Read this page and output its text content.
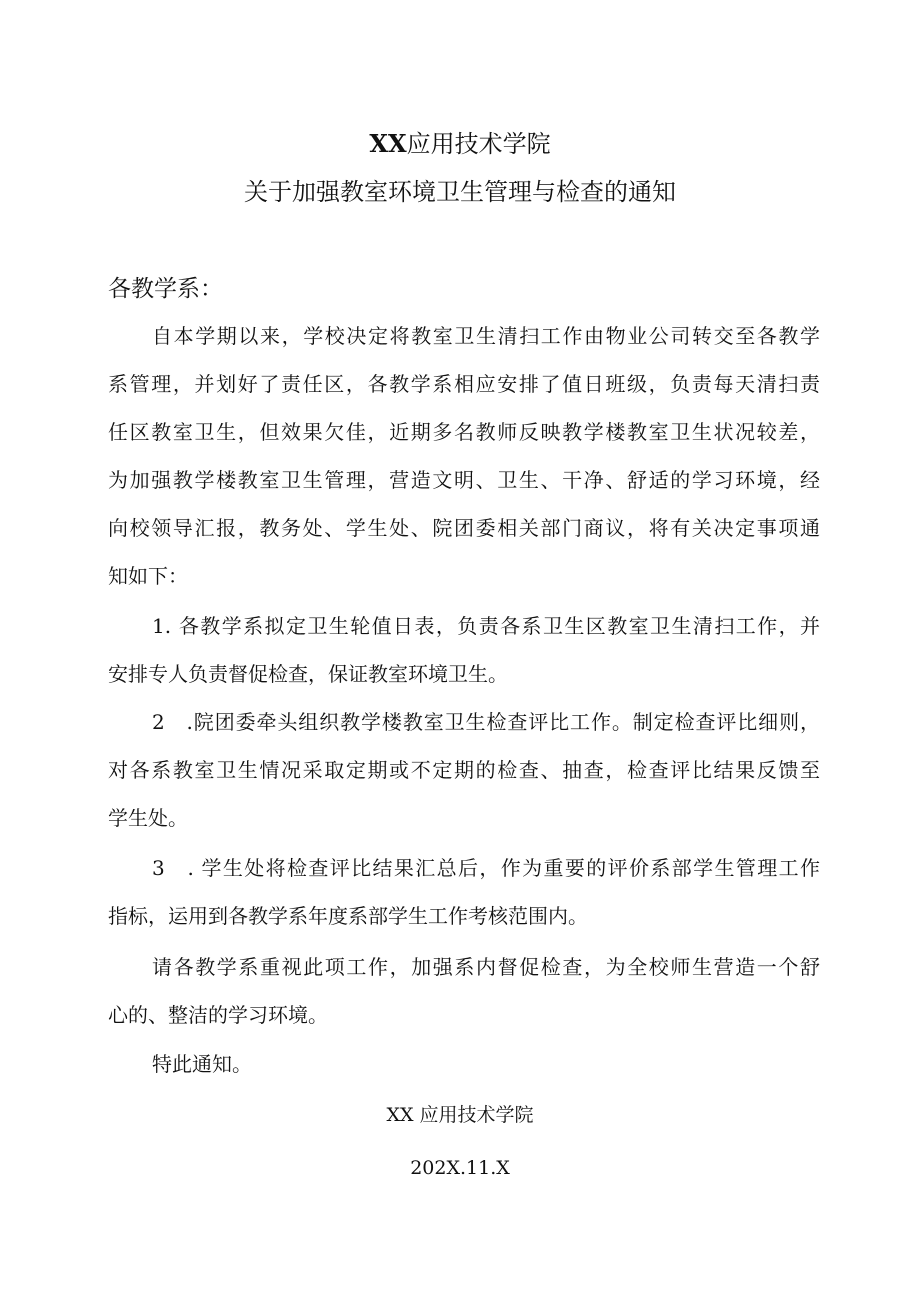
XX应用技术学院
关于加强教室环境卫生管理与检查的通知
各教学系：
自本学期以来，学校决定将教室卫生清扫工作由物业公司转交至各教学
系管理，并划好了责任区，各教学系相应安排了值日班级，负责每天清扫责
任区教室卫生，但效果欠佳，近期多名教师反映教学楼教室卫生状况较差，
为加强教学楼教室卫生管理，营造文明、卫生、干净、舒适的学习环境，经
向校领导汇报，教务处、学生处、院团委相关部门商议，将有关决定事项通
知如下：
1. 各教学系拟定卫生轮值日表，负责各系卫生区教室卫生清扫工作，并
安排专人负责督促检查，保证教室环境卫生。
2　.院团委牵头组织教学楼教室卫生检查评比工作。制定检查评比细则，
对各系教室卫生情况采取定期或不定期的检查、抽查，检查评比结果反馈至
学生处。
3　. 学生处将检查评比结果汇总后，作为重要的评价系部学生管理工作
指标，运用到各教学系年度系部学生工作考核范围内。
请各教学系重视此项工作，加强系内督促检查，为全校师生营造一个舒
心的、整洁的学习环境。
特此通知。
XX 应用技术学院
202X.11.X
